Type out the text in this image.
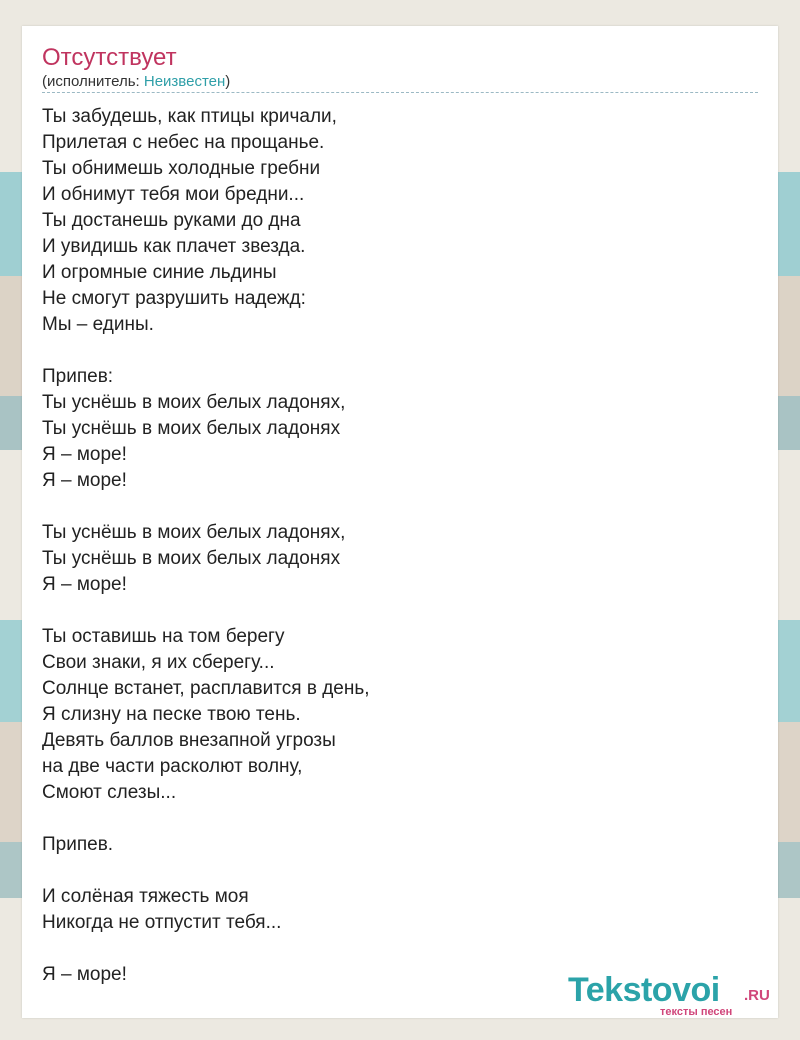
Отсутствует
(исполнитель: Неизвестен)
Ты забудешь, как птицы кричали,
Прилетая с небес на прощанье.
Ты обнимешь холодные гребни
И обнимут тебя мои бредни...
Ты достанешь руками до дна
И увидишь как плачет звезда.
И огромные синие льдины
Не смогут разрушить надежд:
Мы – едины.
Припев:
Ты уснёшь в моих белых ладонях,
Ты уснёшь в моих белых ладонях
Я – море!
Я – море!
Ты уснёшь в моих белых ладонях,
Ты уснёшь в моих белых ладонях
Я – море!
Ты оставишь на том берегу
Свои знаки, я их сберегу...
Солнце встанет, расплавится в день,
Я слизну на песке твою тень.
Девять баллов внезапной угрозы
на две части расколют волну,
Смоют слезы...
Припев.
И солёная тяжесть моя
Никогда не отпустит тебя...
Я – море!	Tekstovoi .RU
тексты песен
